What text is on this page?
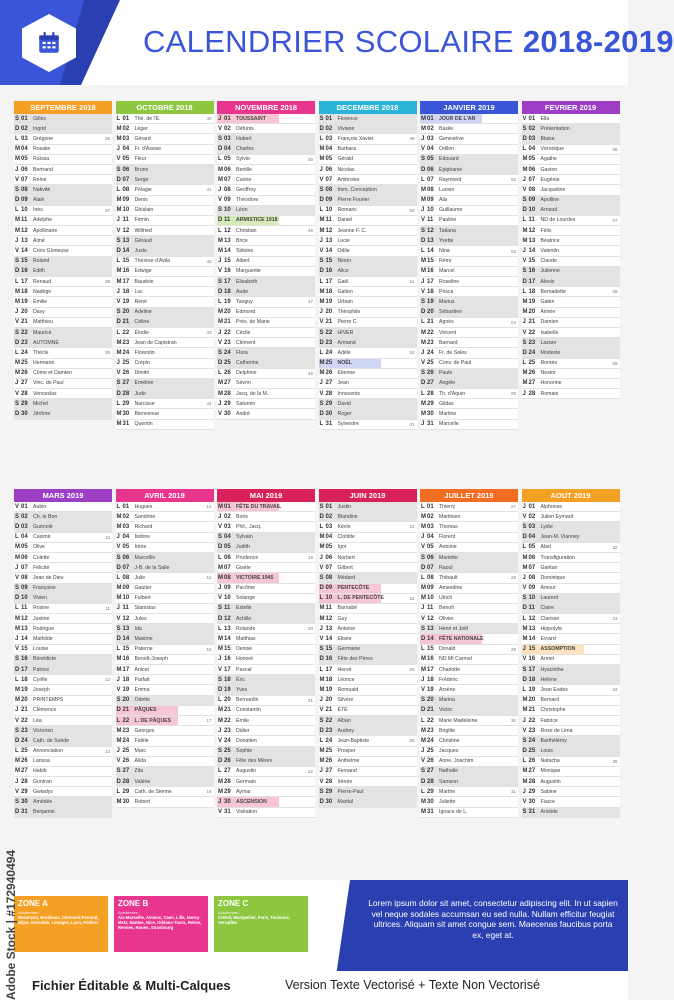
CALENDRIER SCOLAIRE 2018-2019
SEPTEMBRE 2018
S 01	Gilles
D 02	Ingrid
L 03	Grégoire	36
M 04	Rosalie
M 05	Raïssa
J 06	Bertrand
V 07	Reine
S 08	Nativité
D 09	Alain
L 10	Inès	37
M 11	Adelphe
M 12	Apollinaire
J 13	Aimé
V 14	Croix Glorieuse
S 15	Roland
D 16	Edith
L 17	Renaud	38
M 18	Nadège
M 19	Emilie
J 20	Davy
V 21	Matthieu
S 22	Maurice
D 23	AUTOMNE
L 24	Thècle	39
M 25	Hermann
M 26	Côme et Damien
J 27	Vinc. de Paul
V 28	Venceslas
S 29	Michel
D 30	Jérôme
OCTOBRE 2018
L 01	Thé. de l'E.	40
M 02	Léger
M 03	Gérard
J 04	Fr. d'Assise
V 05	Fleur
S 06	Bruno
D 07	Serge
L 08	Pélagie	41
M 09	Denis
M 10	Ghislain
J 11	Firmin
V 12	Wilfried
S 13	Géraud
D 14	Juste
L 15	Thérèse d'Avila	42
M 16	Edwige
M 17	Baudoin
J 18	Luc
V 19	René
S 20	Adeline
D 21	Céline
L 22	Élodie	43
M 23	Jean de Capistran
M 24	Florentin
J 25	Crépin
V 26	Dimitri
S 27	Emeline
D 28	Jude
L 29	Narcisse	44
M 30	Bienvenue
M 31	Quentin
NOVEMBRE 2018
J 01	TOUSSAINT
V 02	Défunts
S 03	Hubert
D 04	Charles
L 05	Sylvie	45
M 06	Bertille
M 07	Carine
J 08	Geoffroy
V 09	Théodore
S 10	Léon
D 11	ARMISTICE 1918
L 12	Christian	46
M 13	Brice
M 14	Sidoine
J 15	Albert
V 16	Marguerite
S 17	Elisabeth
D 18	Aude
L 19	Tanguy	47
M 20	Edmond
M 21	Prés. de Marie
J 22	Cécile
V 23	Clément
S 24	Flora
D 25	Catherine
L 26	Delphine	48
M 27	Sévrin
M 28	Jacq. de la M.
J 29	Saturnin
V 30	André
DECEMBRE 2018
S 01	Florence
D 02	Viviane
L 03	François Xavier	49
M 04	Barbara
M 05	Gérald
J 06	Nicolas
V 07	Ambroise
S 08	Imm. Conception
D 09	Pierre Fourier
L 10	Romaric	50
M 11	Daniel
M 12	Jeanne F. C.
J 13	Lucie
V 14	Odile
S 15	Ninon
D 16	Alice
L 17	Gaël	51
M 18	Gatien
M 19	Urbain
J 20	Théophile
V 21	Pierre C.
S 22	HIVER
D 23	Armand
L 24	Adèle	52
M 25	NOËL
M 26	Etienne
J 27	Jean
V 28	Innocents
S 29	David
D 30	Roger
L 31	Sylvestre	01
JANVIER 2019
M 01	JOUR DE L'AN
M 02	Basile
J 03	Geneviève
V 04	Odilon
S 05	Edouard
D 06	Epiphanie
L 07	Raymond	02
M 08	Lucien
M 09	Alix
J 10	Guillaume
V 11	Pauline
S 12	Tatiana
D 13	Yvette
L 14	Nina	03
M 15	Rémi
M 16	Marcel
J 17	Roseline
V 18	Prisca
S 19	Marius
D 20	Sébastien
L 21	Agnès	04
M 22	Vincent
M 23	Barnard
J 24	Fr. de Sales
V 25	Conv. de Paul
S 26	Paule
D 27	Angèle
L 28	Th. d'Aquin	05
M 29	Gildas
M 30	Martine
J 31	Marcelle
FEVRIER 2019
V 01	Ella
S 02	Présentation
D 03	Blaise
L 04	Véronique	06
M 05	Agathe
M 06	Gaston
J 07	Eugénie
V 08	Jacqueline
S 09	Apolline
D 10	Arnaud
L 11	ND de Lourdes	07
M 12	Félix
M 13	Béatrice
J 14	Valentin
V 15	Claude
S 16	Julienne
D 17	Alexis
L 18	Bernadette	08
M 19	Gabin
M 20	Aimée
J 21	Damien
V 22	Isabelle
S 23	Lazare
D 24	Modeste
L 25	Roméo	09
M 26	Nestor
M 27	Honorine
J 28	Romain
MARS 2019
V 01	Aubin
S 02	Ch. le Bon
D 03	Guénolé
L 04	Casimir	10
M 05	Olive
M 06	Colette
J 07	Félicité
V 08	Jean de Dieu
S 09	Françoise
D 10	Vivien
L 11	Rosine	11
M 12	Justine
M 13	Rodrigue
J 14	Mathilde
V 15	Louise
S 16	Bénédicte
D 17	Patrice
L 18	Cyrille	12
M 19	Joseph
M 20	PRINTEMPS
J 21	Clémence
V 22	Léa
S 23	Victorien
D 24	Cath. de Suède
L 25	Annonciation	13
M 26	Larissa
M 27	Habib
J 28	Gontran
V 29	Gwladys
S 30	Amédée
D 31	Benjamin
AVRIL 2019
L 01	Hugues	14
M 02	Sandrine
M 03	Richard
J 04	Isidore
V 05	Irène
S 06	Marcellin
D 07	J-B. de la Salle
L 08	Julie	15
M 09	Gautier
M 10	Fulbert
J 11	Stanislas
V 12	Jules
S 13	Ida
D 14	Maxime
L 15	Paterne	16
M 16	Benoît-Joseph
M 17	Anicet
J 18	Parfait
V 19	Emma
S 20	Odette
D 21	PÂQUES
L 22	L. DE PÂQUES	17
M 23	Georges
M 24	Fidèle
J 25	Marc
V 26	Alida
S 27	Zita
D 28	Valérie
L 29	Cath. de Sienne	18
M 30	Robert
MAI 2019
M 01	FÊTE DU TRAVAIL
J 02	Boris
V 03	Phil., Jacq.
S 04	Sylvain
D 05	Judith
L 06	Prudence	19
M 07	Gisèle
M 08	VICTOIRE 1945
J 09	Pacôme
V 10	Solange
S 11	Estelle
D 12	Achille
L 13	Rolande	20
M 14	Matthias
M 15	Denise
J 16	Honoré
V 17	Pascal
S 18	Éric
D 19	Yves
L 20	Bernardin	21
M 21	Constantin
M 22	Émile
J 23	Didier
V 24	Donatien
S 25	Sophie
D 26	Fête des Mères
L 27	Augustin	22
M 28	Germain
M 29	Aymar
J 30	ASCENSION
V 31	Visitation
JUIN 2019
S 01	Justin
D 02	Blandine
L 03	Kévin	23
M 04	Clotilde
M 05	Igor
J 06	Norbert
V 07	Gilbert
S 08	Médard
D 09	PENTECÔTE
L 10	L. DE PENTECÔTE	24
M 11	Barnabé
M 12	Guy
J 13	Antoine
V 14	Elisée
S 15	Germaine
D 16	Fête des Pères
L 17	Hervé	25
M 18	Léonce
M 19	Romuald
J 20	Silvère
V 21	ÉTÉ
S 22	Alban
D 23	Audrey
L 24	Jean-Baptiste	26
M 25	Prosper
M 26	Anthelme
J 27	Fernand
V 28	Irénée
S 29	Pierre-Paul
D 30	Martial
JUILLET 2019
L 01	Thierry	27
M 02	Martinien
M 03	Thomas
J 04	Florent
V 05	Antoine
S 06	Mariette
D 07	Raoul
L 08	Thibault	28
M 09	Amandine
M 10	Ulrich
J 11	Benoît
V 12	Olivier
S 13	Henri et Joël
D 14	FÊTE NATIONALE
L 15	Donald	29
M 16	ND Mt Carmel
M 17	Charlotte
J 18	Frédéric
V 19	Arsène
S 20	Marina
D 21	Victor
L 22	Marie Madeleine	30
M 23	Brigitte
M 24	Christine
J 25	Jacques
V 26	Anne, Joachim
S 27	Nathalie
D 28	Samson
L 29	Marthe	31
M 30	Juliette
M 31	Ignace de L.
AOUT 2019
J 01	Alphonse
V 02	Julien Eymard
S 03	Lydie
D 04	Jean-M. Vianney
L 05	Abel	32
M 06	Transfiguration
M 07	Gaëtan
J 08	Dominique
V 09	Amour
S 10	Laurent
D 11	Claire
L 12	Clarisse	33
M 13	Hippolyte
M 14	Evrard
J 15	ASSOMPTION
V 16	Armel
S 17	Hyacinthe
D 18	Hélène
L 19	Jean Eudes	34
M 20	Bernard
M 21	Christophe
J 22	Fabrice
V 23	Rose de Lima
S 24	Barthélémy
D 25	Louis
L 26	Natacha	35
M 27	Monique
M 28	Augustin
J 29	Sabine
V 30	Fiacre
S 31	Aristide
ZONE A
Académies :
Besançon, Bordeaux, Clermont-Ferrand, Dijon, Grenoble, Limoges, Lyon, Poitiers
ZONE B
Académies :
Aix-Marseille, Amiens, Caen, Lille, Nancy-Metz, Nantes, Nice, Orléans-Tours, Reims, Rennes, Rouen, Strasbourg
ZONE C
Académies :
Créteil, Montpellier, Paris, Toulouse, Versailles
Lorem ipsum dolor sit amet, consectetur adipiscing elit. In ut sapien vel neque sodales accumsan eu sed nulla. Nullam efficitur feugiat ultrices. Aliquam sit amet congue sem. Maecenas faucibus porta ex, eget at.
Fichier Éditable & Multi-Calques	Version Texte Vectorisé + Texte Non Vectorisé
Adobe Stock | #172940494
